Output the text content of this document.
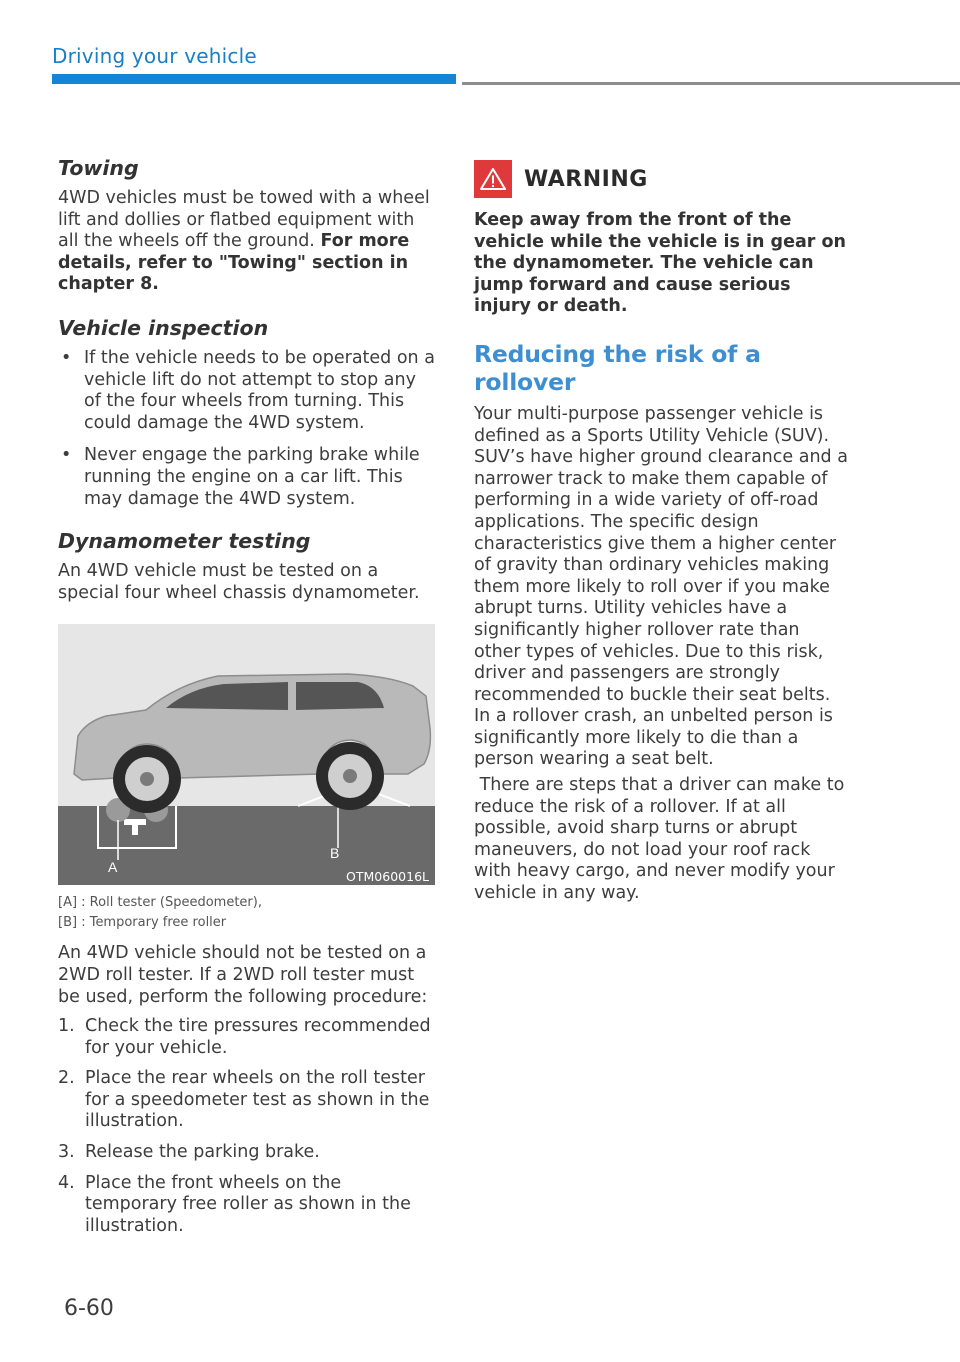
Driving your vehicle
Towing

4WD vehicles must be towed with a wheel lift and dollies or flatbed equipment with all the wheels off the ground. For more details, refer to "Towing" section in chapter 8.

Vehicle inspection
• If the vehicle needs to be operated on a vehicle lift do not attempt to stop any of the four wheels from turning. This could damage the 4WD system.
• Never engage the parking brake while running the engine on a car lift. This may damage the 4WD system.
Dynamometer testing

An 4WD vehicle must be tested on a special four wheel chassis dynamometer.

A
B
OTM060016L
[A] : Roll tester (Speedometer),
[B] : Temporary free roller

An 4WD vehicle should not be tested on a 2WD roll tester. If a 2WD roll tester must be used, perform the following procedure:

1. Check the tire pressures recommended for your vehicle.
2. Place the rear wheels on the roll tester for a speedometer test as shown in the illustration.
3. Release the parking brake.
4. Place the front wheels on the temporary free roller as shown in the illustration.
WARNING

Keep away from the front of the vehicle while the vehicle is in gear on the dynamometer. The vehicle can jump forward and cause serious injury or death.

Reducing the risk of a rollover

Your multi-purpose passenger vehicle is defined as a Sports Utility Vehicle (SUV). SUV’s have higher ground clearance and a narrower track to make them capable of performing in a wide variety of off-road applications. The specific design characteristics give them a higher center of gravity than ordinary vehicles making them more likely to roll over if you make abrupt turns. Utility vehicles have a significantly higher rollover rate than other types of vehicles. Due to this risk, driver and passengers are strongly recommended to buckle their seat belts. In a rollover crash, an unbelted person is significantly more likely to die than a person wearing a seat belt.

There are steps that a driver can make to reduce the risk of a rollover. If at all possible, avoid sharp turns or abrupt maneuvers, do not load your roof rack with heavy cargo, and never modify your vehicle in any way.

6-60
